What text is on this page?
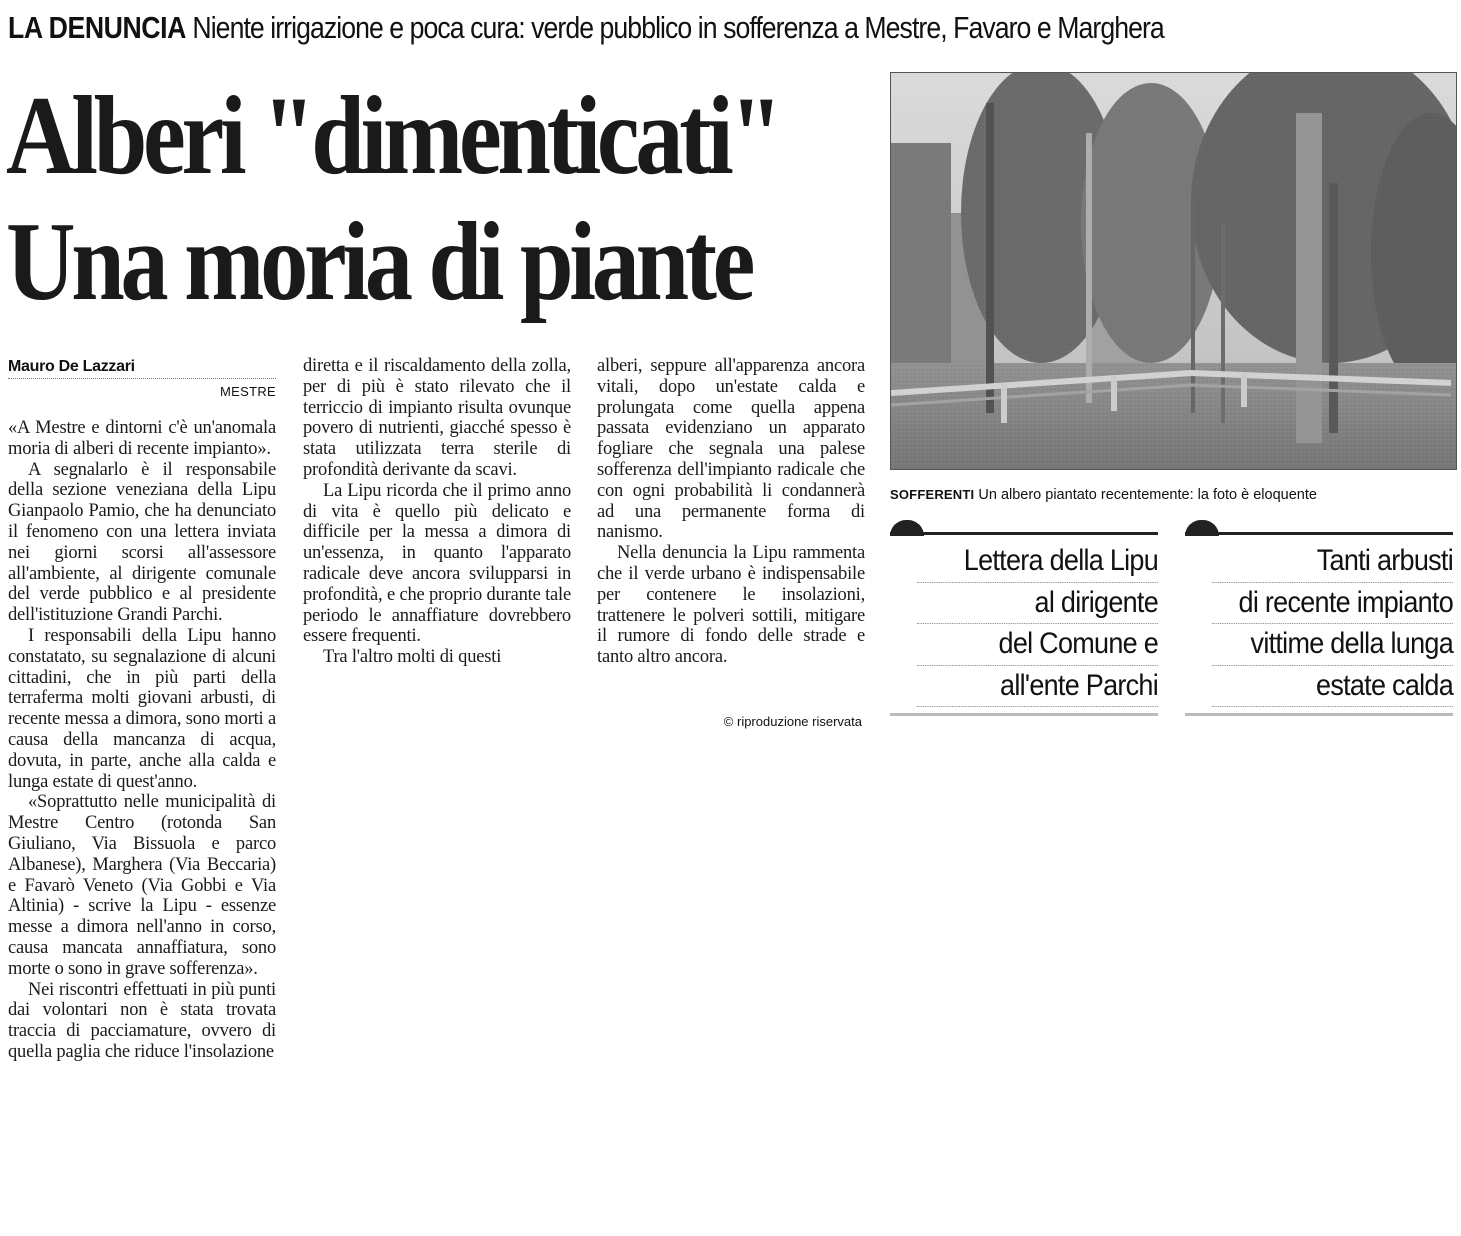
LA DENUNCIA Niente irrigazione e poca cura: verde pubblico in sofferenza a Mestre, Favaro e Marghera
Alberi "dimenticati"
Una moria di piante
Mauro De Lazzari
MESTRE

«A Mestre e dintorni c'è un'anomala moria di alberi di recente impianto».

A segnalarlo è il responsabile della sezione veneziana della Lipu Gianpaolo Pamio, che ha denunciato il fenomeno con una lettera inviata nei giorni scorsi all'assessore all'ambiente, al dirigente comunale del verde pubblico e al presidente dell'istituzione Grandi Parchi.

I responsabili della Lipu hanno constatato, su segnalazione di alcuni cittadini, che in più parti della terraferma molti giovani arbusti, di recente messa a dimora, sono morti a causa della mancanza di acqua, dovuta, in parte, anche alla calda e lunga estate di quest'anno.

«Soprattutto nelle municipalità di Mestre Centro (rotonda San Giuliano, Via Bissuola e parco Albanese), Marghera (Via Beccaria) e Favarò Veneto (Via Gobbi e Via Altinia) - scrive la Lipu - essenze messe a dimora nell'anno in corso, causa mancata annaffiatura, sono morte o sono in grave sofferenza».

Nei riscontri effettuati in più punti dai volontari non è stata trovata traccia di pacciamature, ovvero di quella paglia che riduce l'insolazione

diretta e il riscaldamento della zolla, per di più è stato rilevato che il terriccio di impianto risulta ovunque povero di nutrienti, giacché spesso è stata utilizzata terra sterile di profondità derivante da scavi.

La Lipu ricorda che il primo anno di vita è quello più delicato e difficile per la messa a dimora di un'essenza, in quanto l'apparato radicale deve ancora svilupparsi in profondità, e che proprio durante tale periodo le annaffiature dovrebbero essere frequenti.

Tra l'altro molti di questi

alberi, seppure all'apparenza ancora vitali, dopo un'estate calda e prolungata come quella appena passata evidenziano un apparato fogliare che segnala una palese sofferenza dell'impianto radicale che con ogni probabilità li condannerà ad una permanente forma di nanismo.

Nella denuncia la Lipu rammenta che il verde urbano è indispensabile per contenere le insolazioni, trattenere le polveri sottili, mitigare il rumore di fondo delle strade e tanto altro ancora.

© riproduzione riservata
SOFFERENTI Un albero piantato recentemente: la foto è eloquente
Lettera della Lipu
al dirigente
del Comune e
all'ente Parchi
Tanti arbusti
di recente impianto
vittime della lunga
estate calda
